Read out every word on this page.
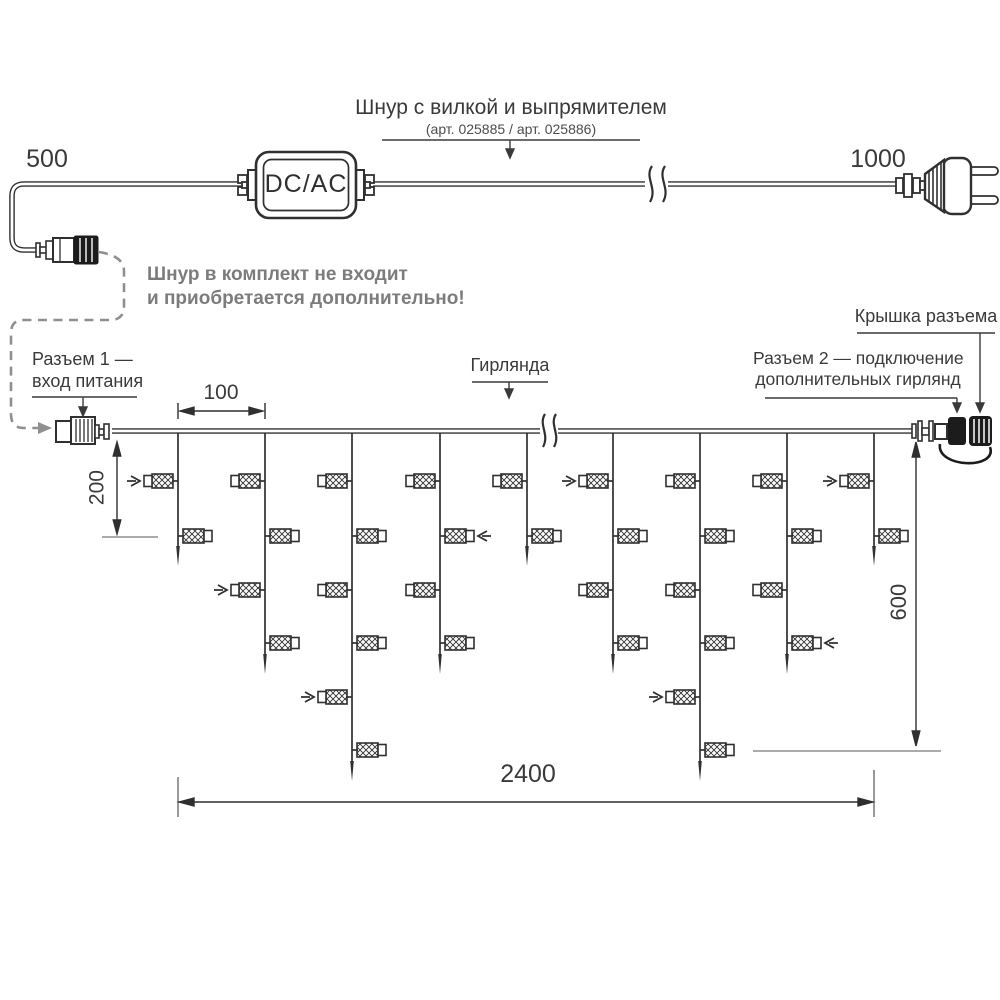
Шнур с вилкой и выпрямителем
(арт. 025885 / арт. 025886)
500	1000
Шнур в комплект не входит
и приобретается дополнительно!
Разъем 1 —
вход питания
Гирлянда	Разъем 2 — подключение
дополнительных гирлянд
Крышка разъема
DC/AC
100
200
600
2400
